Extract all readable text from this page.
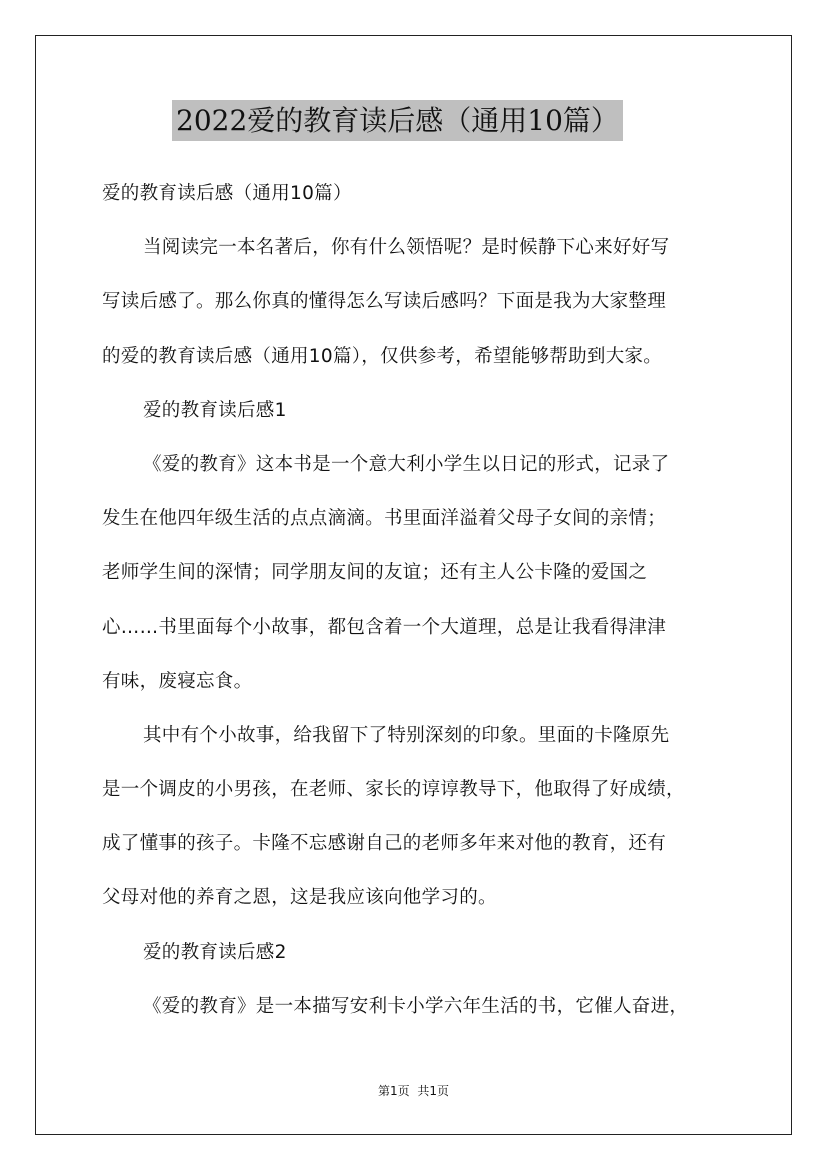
2022爱的教育读后感（通用10篇）
爱的教育读后感（通用10篇）
当阅读完一本名著后，你有什么领悟呢？是时候静下心来好好写
写读后感了。那么你真的懂得怎么写读后感吗？下面是我为大家整理
的爱的教育读后感（通用10篇），仅供参考，希望能够帮助到大家。
爱的教育读后感1
《爱的教育》这本书是一个意大利小学生以日记的形式，记录了
发生在他四年级生活的点点滴滴。书里面洋溢着父母子女间的亲情；
老师学生间的深情；同学朋友间的友谊；还有主人公卡隆的爱国之
心……书里面每个小故事，都包含着一个大道理，总是让我看得津津
有味，废寝忘食。
其中有个小故事，给我留下了特别深刻的印象。里面的卡隆原先
是一个调皮的小男孩，在老师、家长的谆谆教导下，他取得了好成绩，
成了懂事的孩子。卡隆不忘感谢自己的老师多年来对他的教育，还有
父母对他的养育之恩，这是我应该向他学习的。
爱的教育读后感2
《爱的教育》是一本描写安利卡小学六年生活的书，它催人奋进，
第1页 共1页
